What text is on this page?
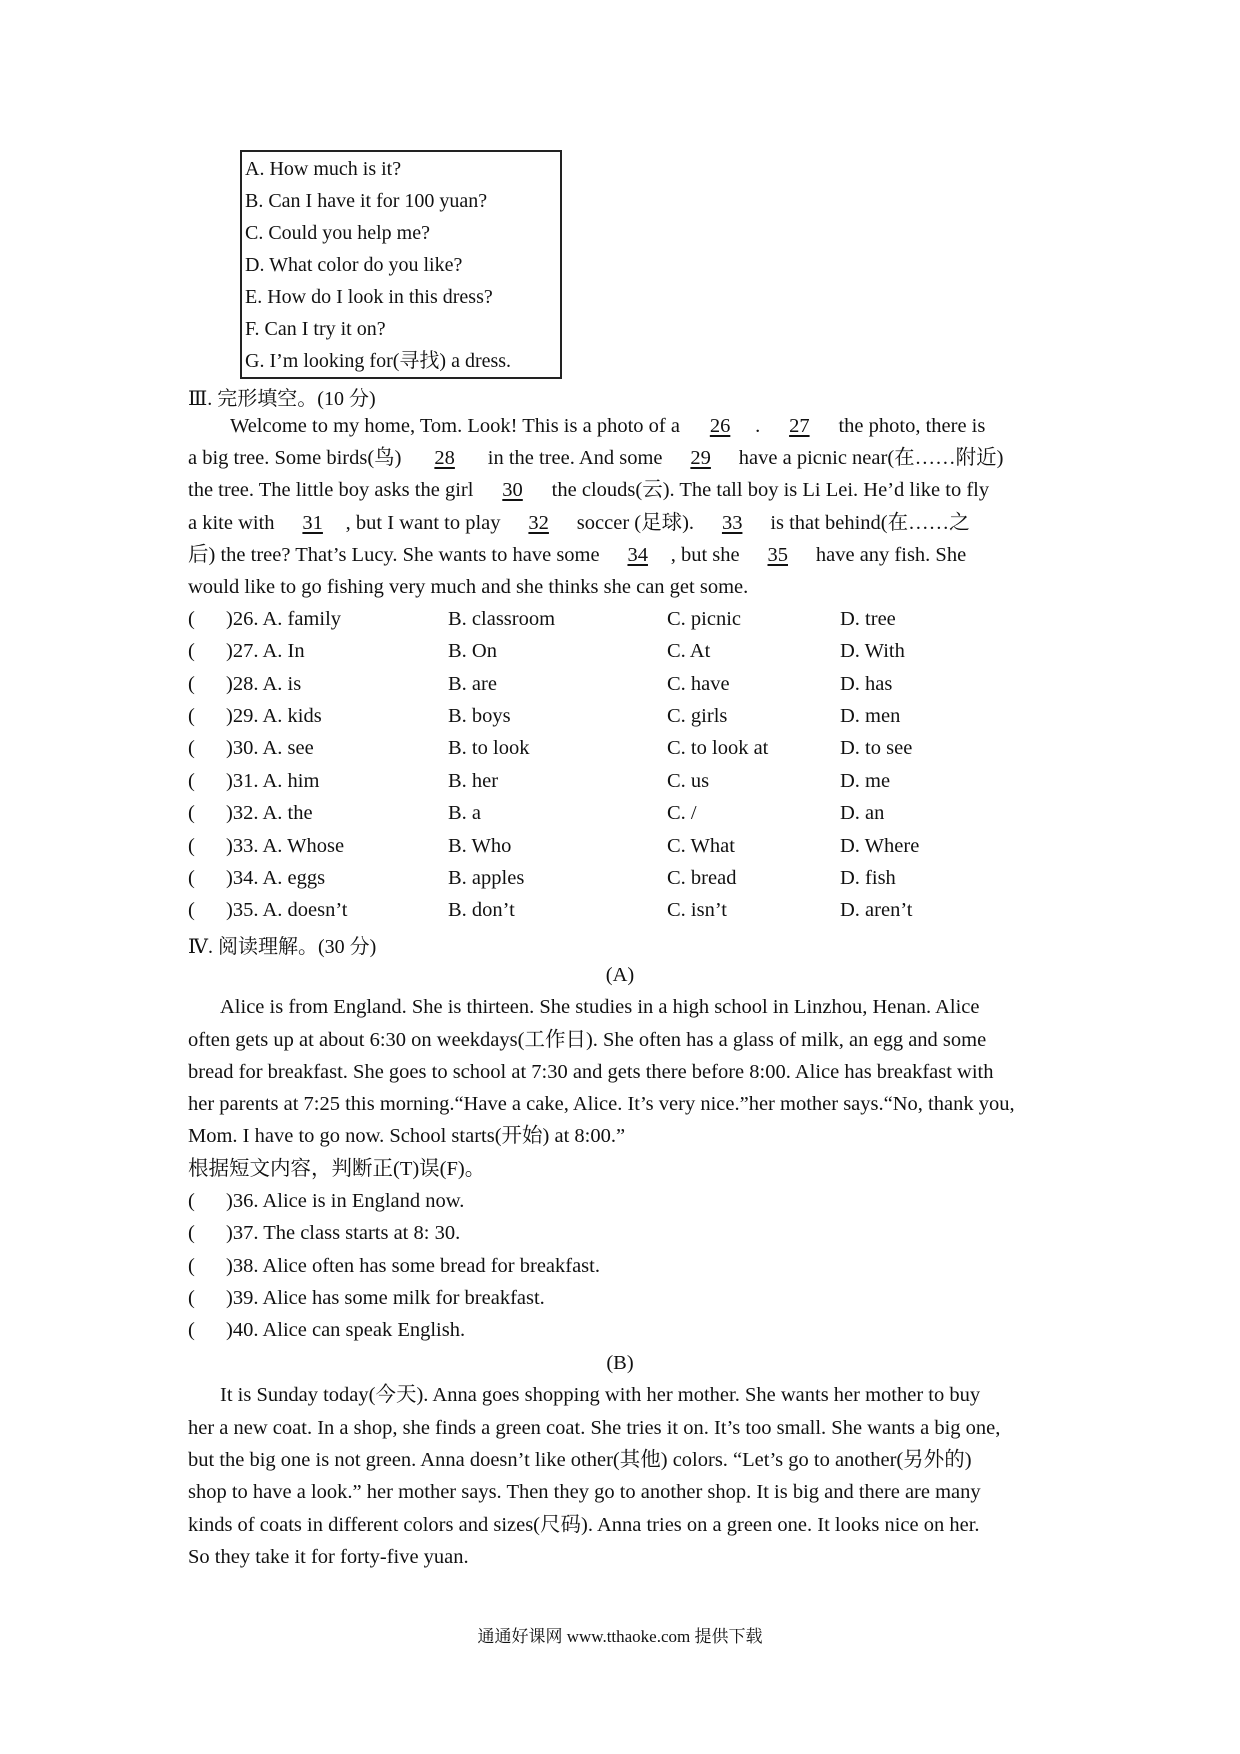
A. How much is it?
B. Can I have it for 100 yuan?
C. Could you help me?
D. What color do you like?
E. How do I look in this dress?
F. Can I try it on?
G. I’m looking for(寻找) a dress.
Ⅲ. 完形填空。(10 分)
Welcome to my home, Tom. Look! This is a photo of a 26 . 27 the photo, there is
a big tree. Some birds(鸟) 28 in the tree. And some 29 have a picnic near(在……附近)
the tree. The little boy asks the girl 30 the clouds(云). The tall boy is Li Lei. He’d like to fly
a kite with 31 , but I want to play 32 soccer (足球). 33 is that behind(在……之
后) the tree? That’s Lucy. She wants to have some 34 , but she 35 have any fish. She
would like to go fishing very much and she thinks she can get some.
( )26. A. family	B. classroom	C. picnic	D. tree
( )27. A. In	B. On	C. At	D. With
( )28. A. is	B. are	C. have	D. has
( )29. A. kids	B. boys	C. girls	D. men
( )30. A. see	B. to look	C. to look at	D. to see
( )31. A. him	B. her	C. us	D. me
( )32. A. the	B. a	C. /	D. an
( )33. A. Whose	B. Who	C. What	D. Where
( )34. A. eggs	B. apples	C. bread	D. fish
( )35. A. doesn’t	B. don’t	C. isn’t	D. aren’t
Ⅳ. 阅读理解。(30 分)
(A)
Alice is from England. She is thirteen. She studies in a high school in Linzhou, Henan. Alice
often gets up at about 6:30 on weekdays(工作日). She often has a glass of milk, an egg and some
bread for breakfast. She goes to school at 7:30 and gets there before 8:00. Alice has breakfast with
her parents at 7:25 this morning.“Have a cake, Alice. It’s very nice.”her mother says.“No, thank you,
Mom. I have to go now. School starts(开始) at 8:00.”
根据短文内容，判断正(T)误(F)。
( )36. Alice is in England now.
( )37. The class starts at 8: 30.
( )38. Alice often has some bread for breakfast.
( )39. Alice has some milk for breakfast.
( )40. Alice can speak English.
(B)
It is Sunday today(今天). Anna goes shopping with her mother. She wants her mother to buy
her a new coat. In a shop, she finds a green coat. She tries it on. It’s too small. She wants a big one,
but the big one is not green. Anna doesn’t like other(其他) colors. “Let’s go to another(另外的)
shop to have a look.” her mother says. Then they go to another shop. It is big and there are many
kinds of coats in different colors and sizes(尺码). Anna tries on a green one. It looks nice on her.
So they take it for forty-five yuan.
通通好课网 www.tthaoke.com 提供下载
